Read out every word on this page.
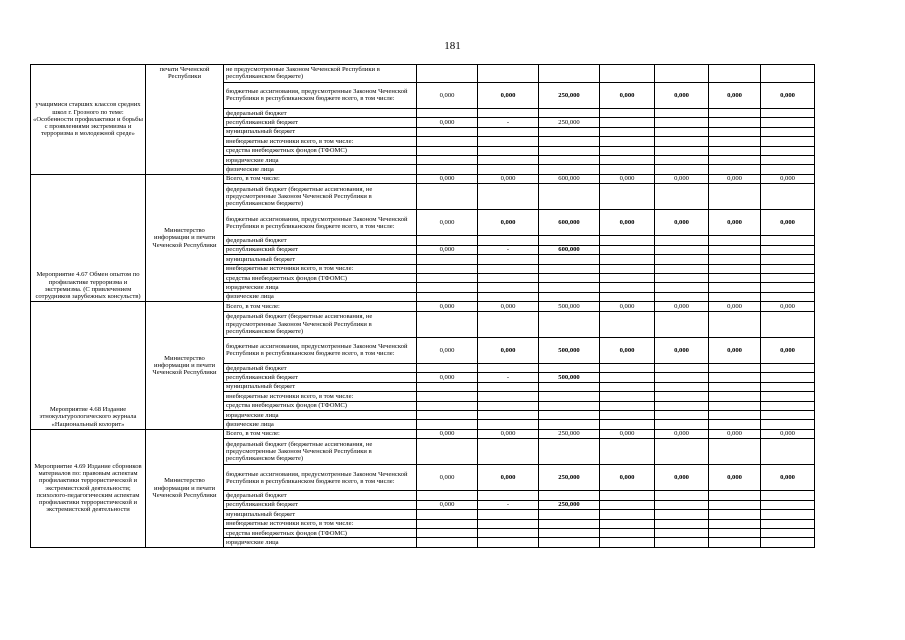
181
учащимися старших классов средних школ г. Грозного по теме: «Особенности профилактики и борьбы с проявлениями экстремизма и терроризма в молодежной среде»	печати Чеченской Республики	не предусмотренные Законом Чеченской Республики в республиканском бюджете)							
		бюджетные ассигнования, предусмотренные Законом Чеченской Республики в республиканском бюджете всего, в том числе:	0,000	0,000	250,000	0,000	0,000	0,000	0,000
		федеральный бюджет							
		республиканский бюджет	0,000	-	250,000				
		муниципальный бюджет							
		внебюджетные источники всего, в том числе:							
		средства внебюджетных фондов (ТФОМС)							
		юридические лица							
		физические лица							
Мероприятие 4.67 Обмен опытом по профилактике терроризма и экстремизма. (С привлечением сотрудников зарубежных консульств)	Министерство информации и печати Чеченской Республики	Всего, в том числе:	0,000	0,000	600,000	0,000	0,000	0,000	0,000
		федеральный бюджет (бюджетные ассигнования, не предусмотренные Законом Чеченской Республики в республиканском бюджете)							
		бюджетные ассигнования, предусмотренные Законом Чеченской Республики в республиканском бюджете всего, в том числе:	0,000	0,000	600,000	0,000	0,000	0,000	0,000
		федеральный бюджет							
		республиканский бюджет	0,000	-	600,000				
		муниципальный бюджет							
		внебюджетные источники всего, в том числе:							
		средства внебюджетных фондов (ТФОМС)							
		юридические лица							
		физические лица							
Мероприятие 4.68 Издание этнокультурологического журнала «Национальный колорит»	Министерство информации и печати Чеченской Республики	Всего, в том числе:	0,000	0,000	500,000	0,000	0,000	0,000	0,000
		федеральный бюджет (бюджетные ассигнования, не предусмотренные Законом Чеченской Республики в республиканском бюджете)							
		бюджетные ассигнования, предусмотренные Законом Чеченской Республики в республиканском бюджете всего, в том числе:	0,000	0,000	500,000	0,000	0,000	0,000	0,000
		федеральный бюджет							
		республиканский бюджет	0,000	-	500,000				
		муниципальный бюджет							
		внебюджетные источники всего, в том числе:							
		средства внебюджетных фондов (ТФОМС)							
		юридические лица							
		физические лица							
Мероприятие 4.69 Издание сборников материалов по: правовым аспектам профилактики террористической и экстремистской деятельности; психолого-педагогическим аспектам профилактики террористической и экстремистской деятельности	Министерство информации и печати Чеченской Республики	Всего, в том числе:	0,000	0,000	250,000	0,000	0,000	0,000	0,000
		федеральный бюджет (бюджетные ассигнования, не предусмотренные Законом Чеченской Республики в республиканском бюджете)							
		бюджетные ассигнования, предусмотренные Законом Чеченской Республики в республиканском бюджете всего, в том числе:	0,000	0,000	250,000	0,000	0,000	0,000	0,000
		федеральный бюджет							
		республиканский бюджет	0,000	-	250,000				
		муниципальный бюджет							
		внебюджетные источники всего, в том числе:							
		средства внебюджетных фондов (ТФОМС)							
		юридические лица							
